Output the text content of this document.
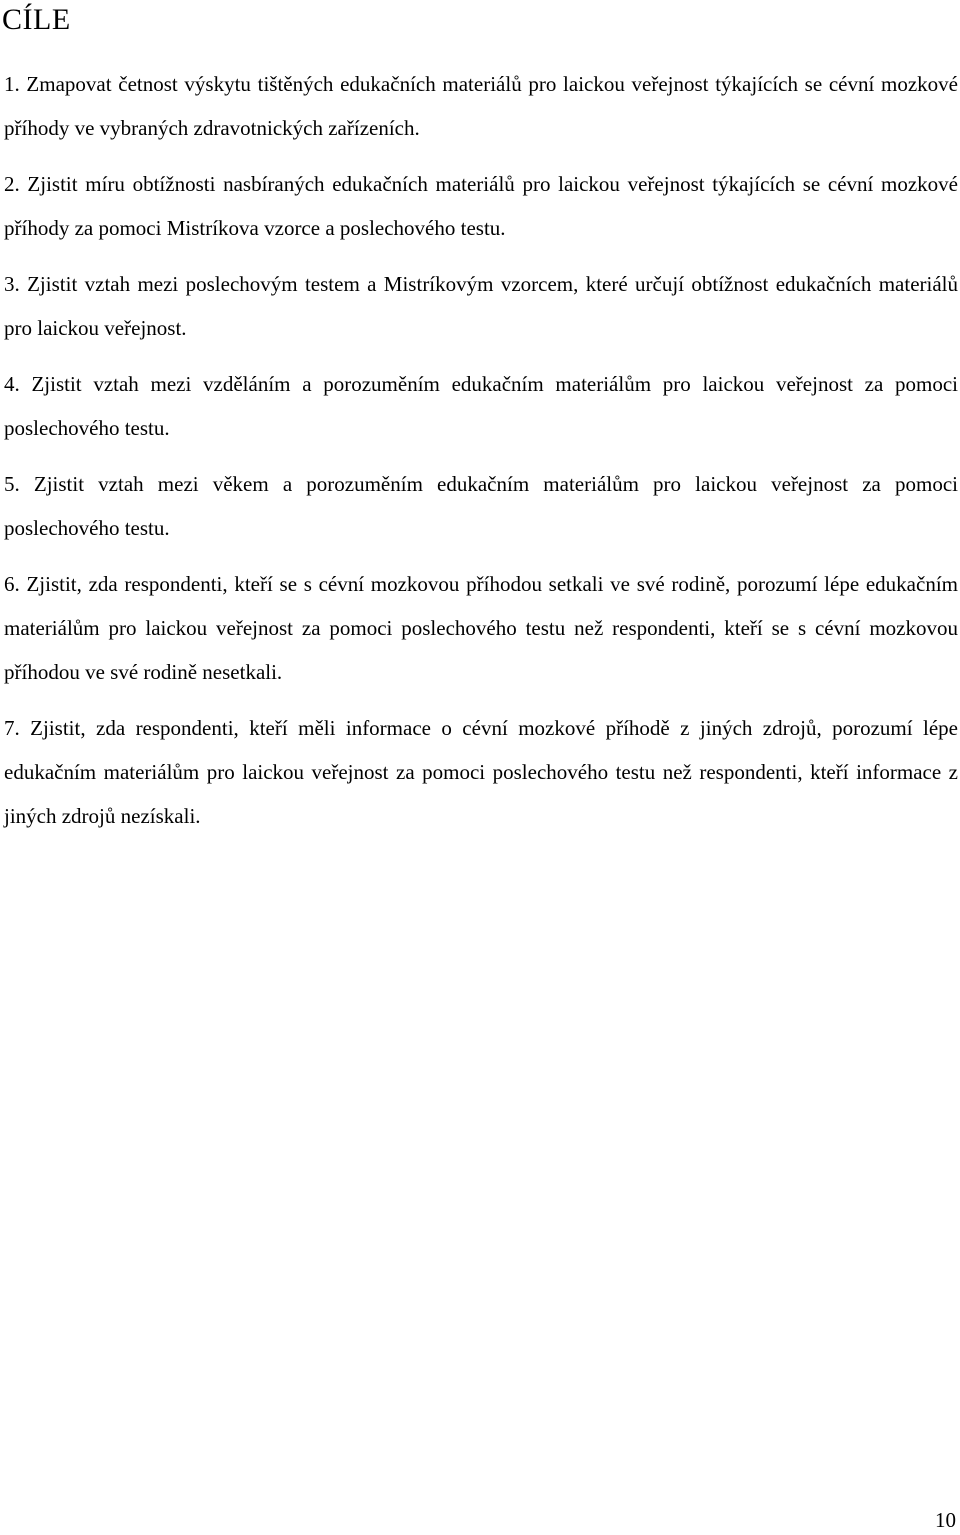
CÍLE
1. Zmapovat četnost výskytu tištěných edukačních materiálů pro laickou veřejnost týkajících se cévní mozkové příhody ve vybraných zdravotnických zařízeních.
2. Zjistit míru obtížnosti nasbíraných edukačních materiálů pro laickou veřejnost týkajících se cévní mozkové příhody za pomoci Mistríkova vzorce a poslechového testu.
3. Zjistit vztah mezi poslechovým testem a Mistríkovým vzorcem, které určují obtížnost edukačních materiálů pro laickou veřejnost.
4. Zjistit vztah mezi vzděláním a porozuměním edukačním materiálům pro laickou veřejnost za pomoci poslechového testu.
5. Zjistit vztah mezi věkem a porozuměním edukačním materiálům pro laickou veřejnost za pomoci poslechového testu.
6. Zjistit, zda respondenti, kteří se s cévní mozkovou příhodou setkali ve své rodině, porozumí lépe edukačním materiálům pro laickou veřejnost za pomoci poslechového testu než respondenti, kteří se s cévní mozkovou příhodou ve své rodině nesetkali.
7. Zjistit, zda respondenti, kteří měli informace o cévní mozkové příhodě z jiných zdrojů, porozumí lépe edukačním materiálům pro laickou veřejnost za pomoci poslechového testu než respondenti, kteří informace z jiných zdrojů nezískali.
10
